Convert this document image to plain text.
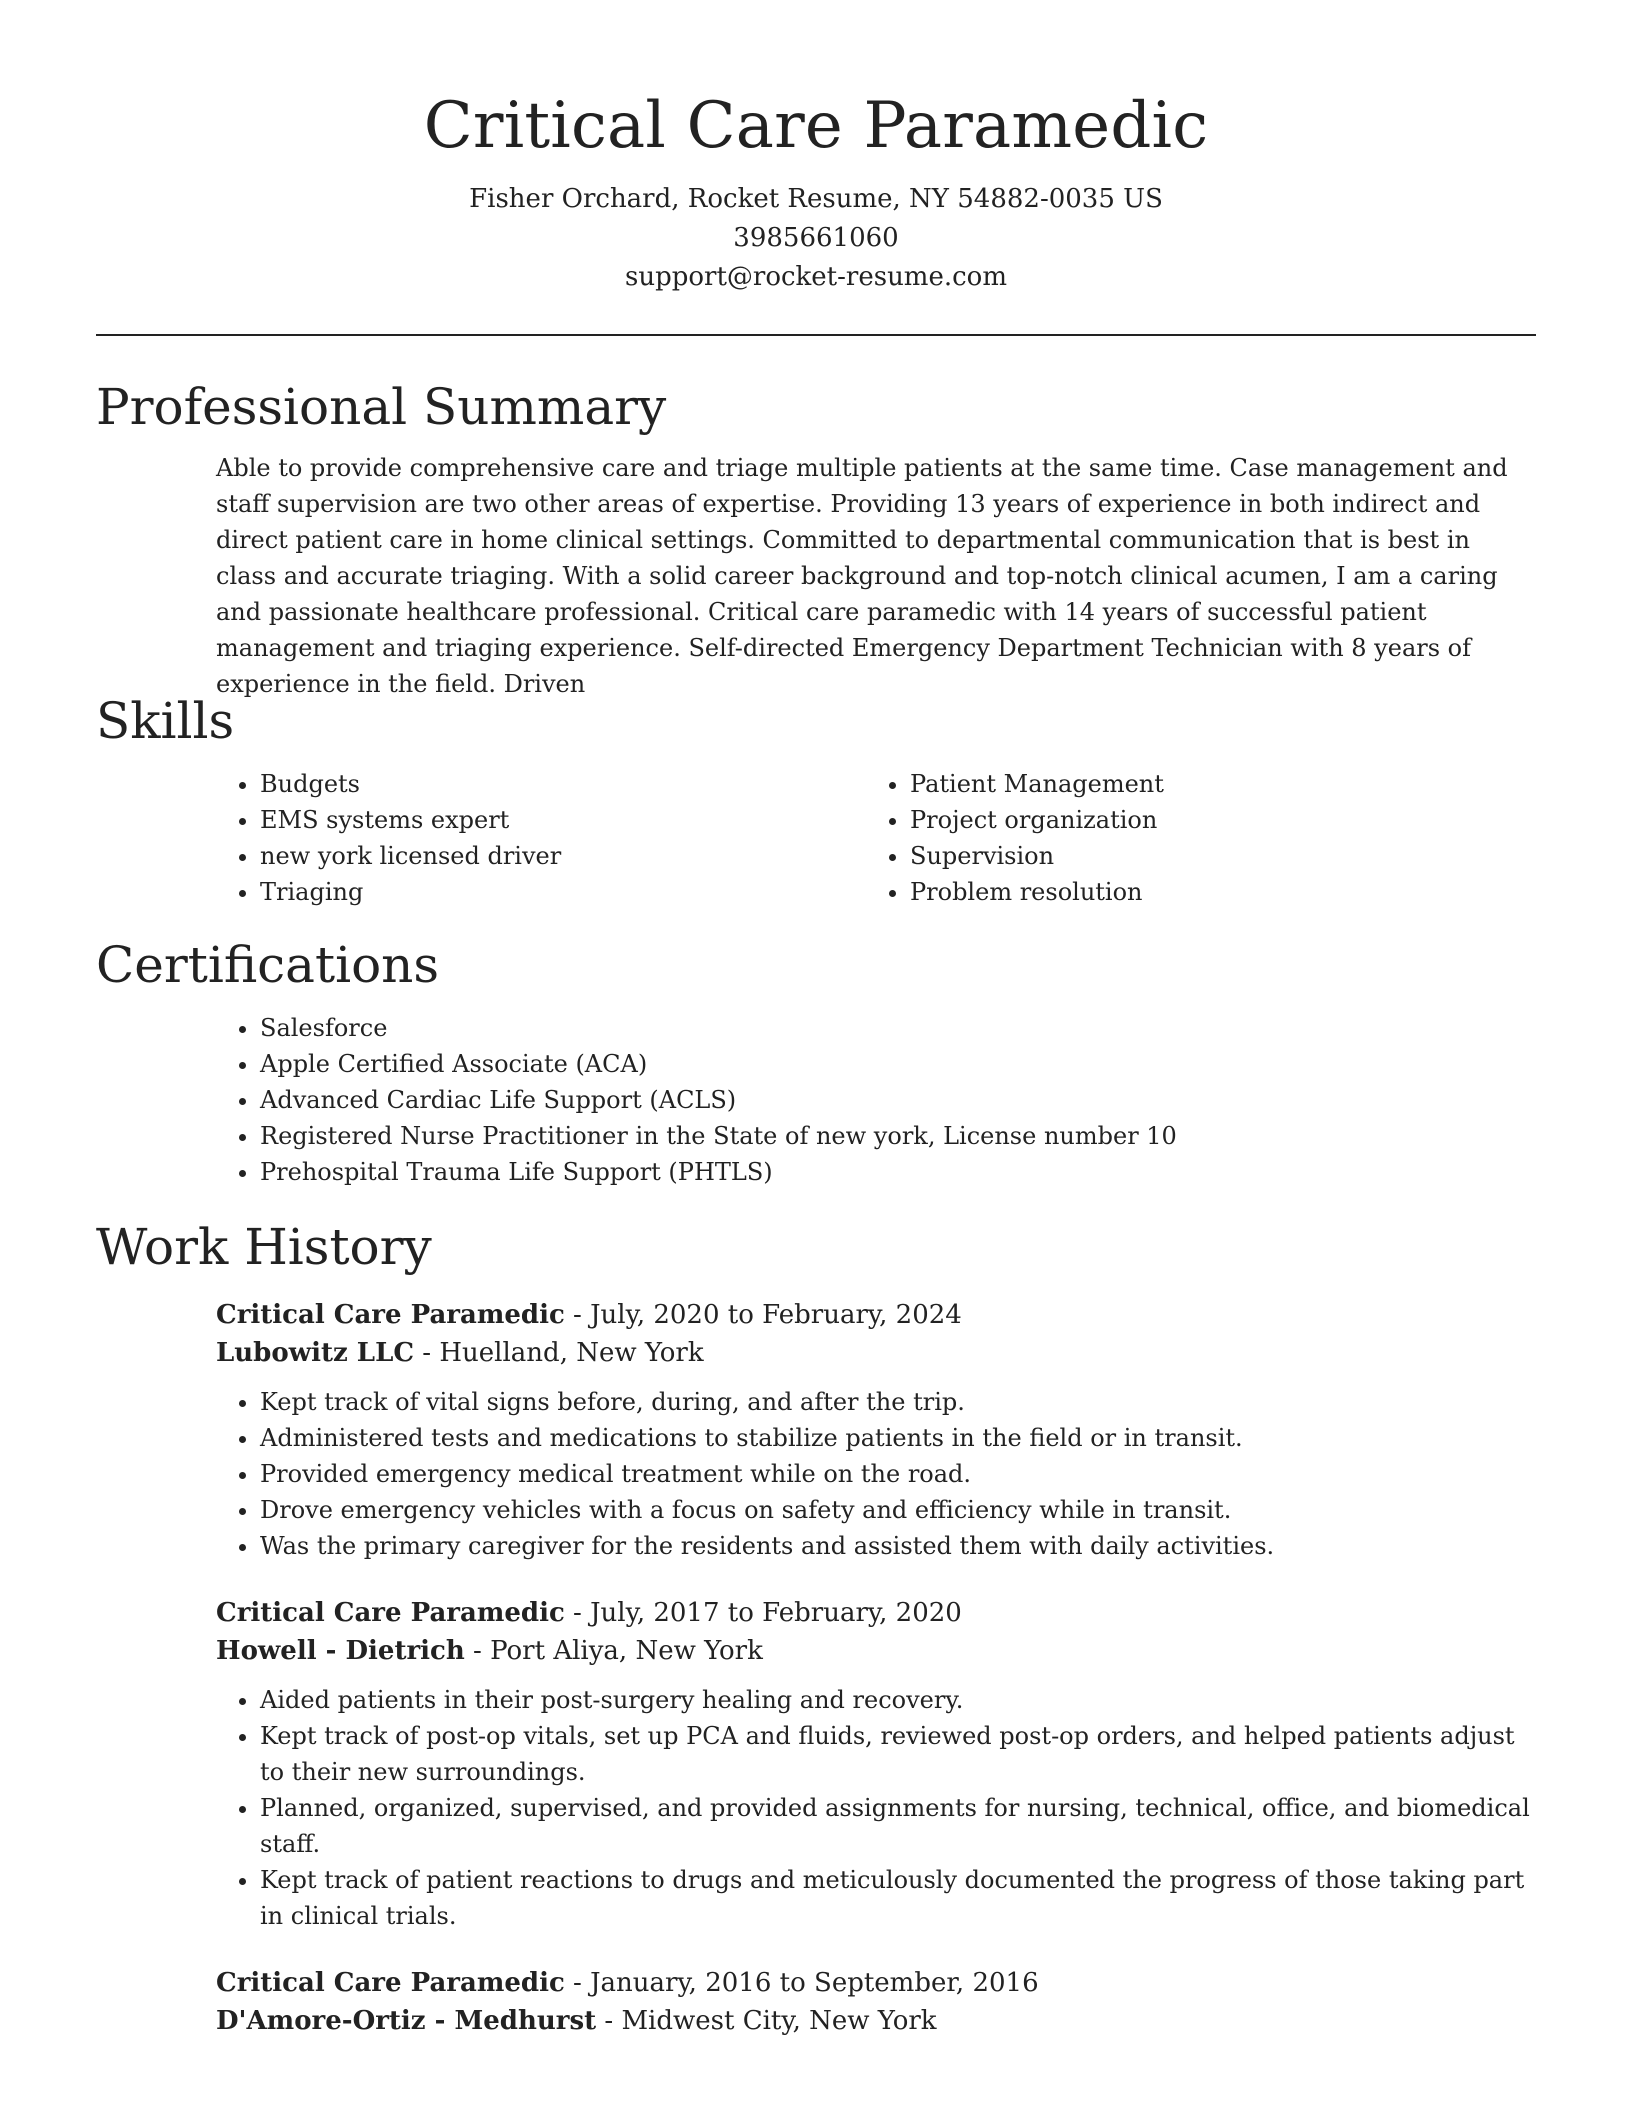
Critical Care Paramedic
Fisher Orchard, Rocket Resume, NY 54882-0035 US
3985661060
support@rocket-resume.com
Professional Summary
Able to provide comprehensive care and triage multiple patients at the same time. Case management and staff supervision are two other areas of expertise. Providing 13 years of experience in both indirect and direct patient care in home clinical settings. Committed to departmental communication that is best in class and accurate triaging. With a solid career background and top-notch clinical acumen, I am a caring and passionate healthcare professional. Critical care paramedic with 14 years of successful patient management and triaging experience. Self-directed Emergency Department Technician with 8 years of experience in the field. Driven
Skills
• Budgets
• EMS systems expert
• new york licensed driver
• Triaging
• Patient Management
• Project organization
• Supervision
• Problem resolution
Certifications
• Salesforce
• Apple Certified Associate (ACA)
• Advanced Cardiac Life Support (ACLS)
• Registered Nurse Practitioner in the State of new york, License number 10
• Prehospital Trauma Life Support (PHTLS)
Work History
Critical Care Paramedic - July, 2020 to February, 2024
Lubowitz LLC - Huelland, New York
• Kept track of vital signs before, during, and after the trip.
• Administered tests and medications to stabilize patients in the field or in transit.
• Provided emergency medical treatment while on the road.
• Drove emergency vehicles with a focus on safety and efficiency while in transit.
• Was the primary caregiver for the residents and assisted them with daily activities.
Critical Care Paramedic - July, 2017 to February, 2020
Howell - Dietrich - Port Aliya, New York
• Aided patients in their post-surgery healing and recovery.
• Kept track of post-op vitals, set up PCA and fluids, reviewed post-op orders, and helped patients adjust to their new surroundings.
• Planned, organized, supervised, and provided assignments for nursing, technical, office, and biomedical staff.
• Kept track of patient reactions to drugs and meticulously documented the progress of those taking part in clinical trials.
Critical Care Paramedic - January, 2016 to September, 2016
D'Amore-Ortiz - Medhurst - Midwest City, New York
